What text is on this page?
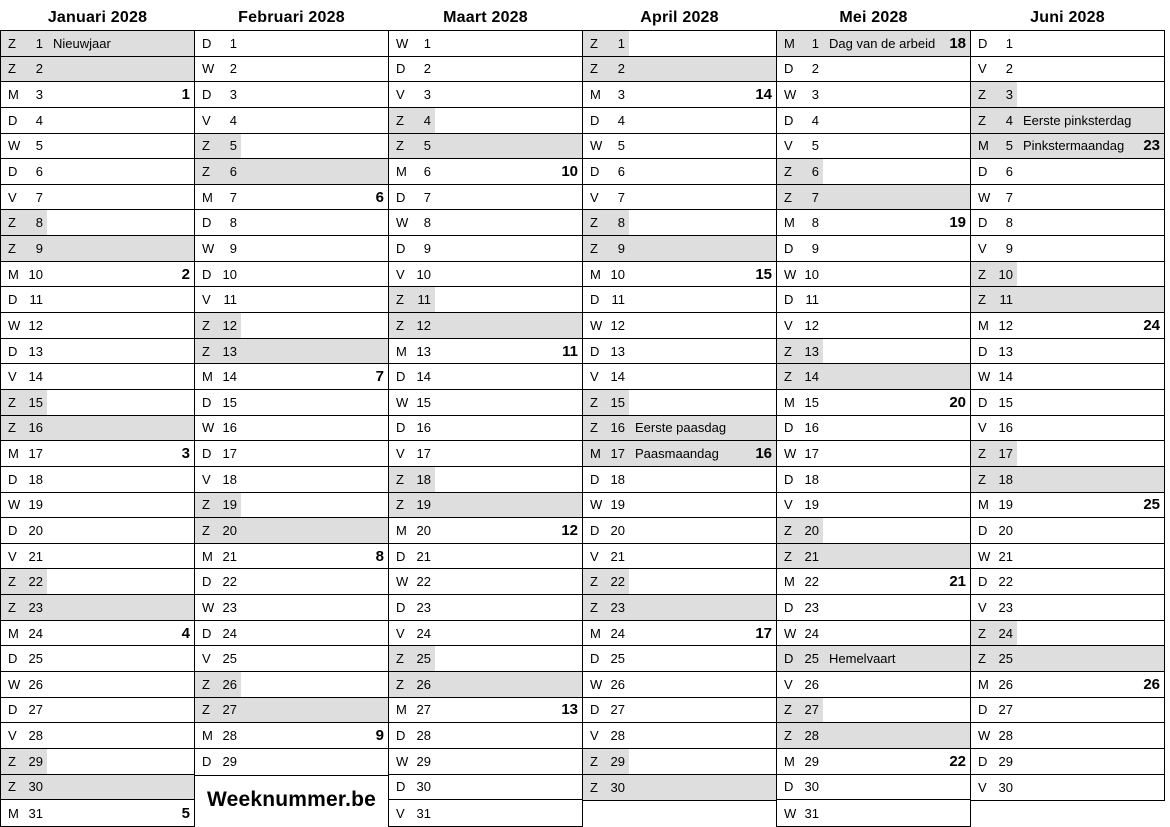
Januari 2028
Z	1 Nieuwjaar
Z	2
M	3	1
D	4
W	5
D	6
V	7
Z	8
Z	9
M 10	2
D 11
W 12
D 13
V 14
Z 15
Z 16
M 17	3
D 18
W 19
D 20
V 21
Z 22
Z 23
M 24	4
D 25
W 26
D 27
V 28
Z 29
Z 30
M 31	5
Februari 2028
D	1
W	2
D	3
V	4
Z	5
Z	6
M	7	6
D	8
W	9
D 10
V 11
Z 12
Z 13
M 14	7
D 15
W 16
D 17
V 18
Z 19
Z 20
M 21	8
D 22
W 23
D 24
V 25
Z 26
Z 27
M 28	9
D 29
Maart 2028
W	1
D	2
V	3
Z	4
Z	5
M	6	10
D	7
W	8
D	9
V 10
Z	11
Z 12
M 13	11
D 14
W 15
D 16
V 17
Z 18
Z 19
M 20	12
D 21
W 22
D 23
V 24
Z 25
Z 26
M 27	13
D 28
W 29
D 30
V 31
April 2028
Z	1
Z	2
M	3	14
D	4
W	5
D	6
V	7
Z	8
Z	9
M 10	15
D 11
W 12
D 13
V 14
Z 15
Z 16 Eerste paasdag
M 17 Paasmaandag 16
D 18
W 19
D 20
V 21
Z 22
Z 23
M 24	17
D 25
W 26
D 27
V 28
Z 29
Z 30
Mei 2028
M	1 Dag van de arbeid 18
D	2
W	3
D	4
V	5
Z	6
Z	7
M	8	19
D	9
W 10
D 11
V 12
Z 13
Z 14
M 15	20
D 16
W 17
D 18
V 19
Z 20
Z 21
M 22	21
D 23
W 24
D 25 Hemelvaart
V 26
Z 27
Z 28
M 29	22
D 30
W 31
Juni 2028
D	1
V	2
Z	3
Z	4 Eerste pinksterdag
M	5 Pinkstermaandag 23
D	6
W	7
D	8
V	9
Z 10
Z	11
M 12	24
D 13
W 14
D 15
V 16
Z 17
Z 18
M 19	25
D 20
W 21
D 22
V 23
Z 24
Z 25
M 26	26
D 27
W 28
D 29
V 30
Weeknummer.be
